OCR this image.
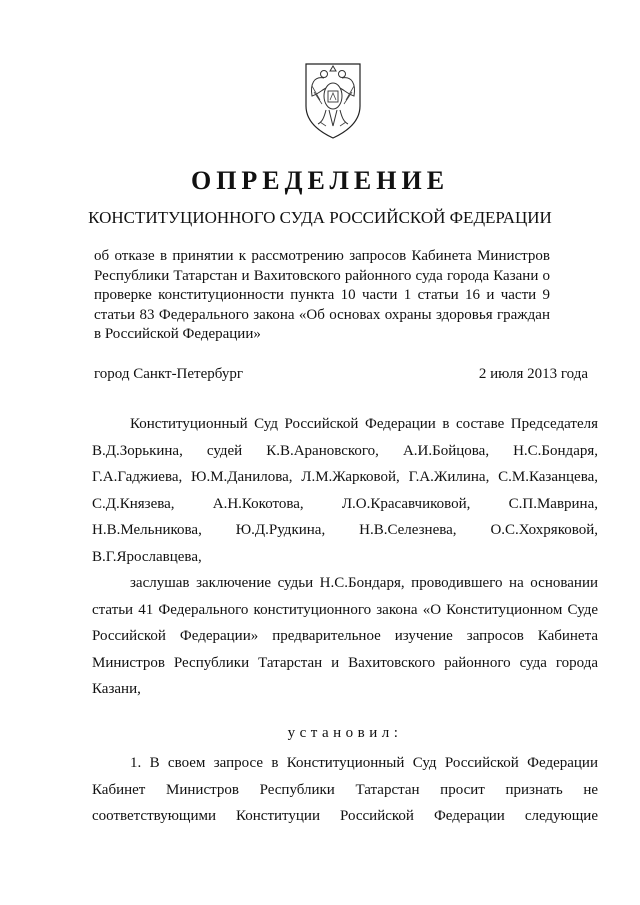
ОПРЕДЕЛЕНИЕ
КОНСТИТУЦИОННОГО СУДА РОССИЙСКОЙ ФЕДЕРАЦИИ
об отказе в принятии к рассмотрению запросов Кабинета Министров Республики Татарстан и Вахитовского районного суда города Казани о проверке конституционности пункта 10 части 1 статьи 16 и части 9 статьи 83 Федерального закона «Об основах охраны здоровья граждан в Российской Федерации»
город Санкт-Петербург	2 июля 2013 года

Конституционный Суд Российской Федерации в составе Председателя В.Д.Зорькина, судей К.В.Арановского, А.И.Бойцова, Н.С.Бондаря, Г.А.Гаджиева, Ю.М.Данилова, Л.М.Жарковой, Г.А.Жилина, С.М.Казанцева, С.Д.Князева, А.Н.Кокотова, Л.О.Красавчиковой, С.П.Маврина, Н.В.Мельникова, Ю.Д.Рудкина, Н.В.Селезнева, О.С.Хохряковой, В.Г.Ярославцева,

заслушав заключение судьи Н.С.Бондаря, проводившего на основании статьи 41 Федерального конституционного закона «О Конституционном Суде Российской Федерации» предварительное изучение запросов Кабинета Министров Республики Татарстан и Вахитовского районного суда города Казани,

установил:

1. В своем запросе в Конституционный Суд Российской Федерации Кабинет Министров Республики Татарстан просит признать не соответствующими Конституции Российской Федерации следующие
